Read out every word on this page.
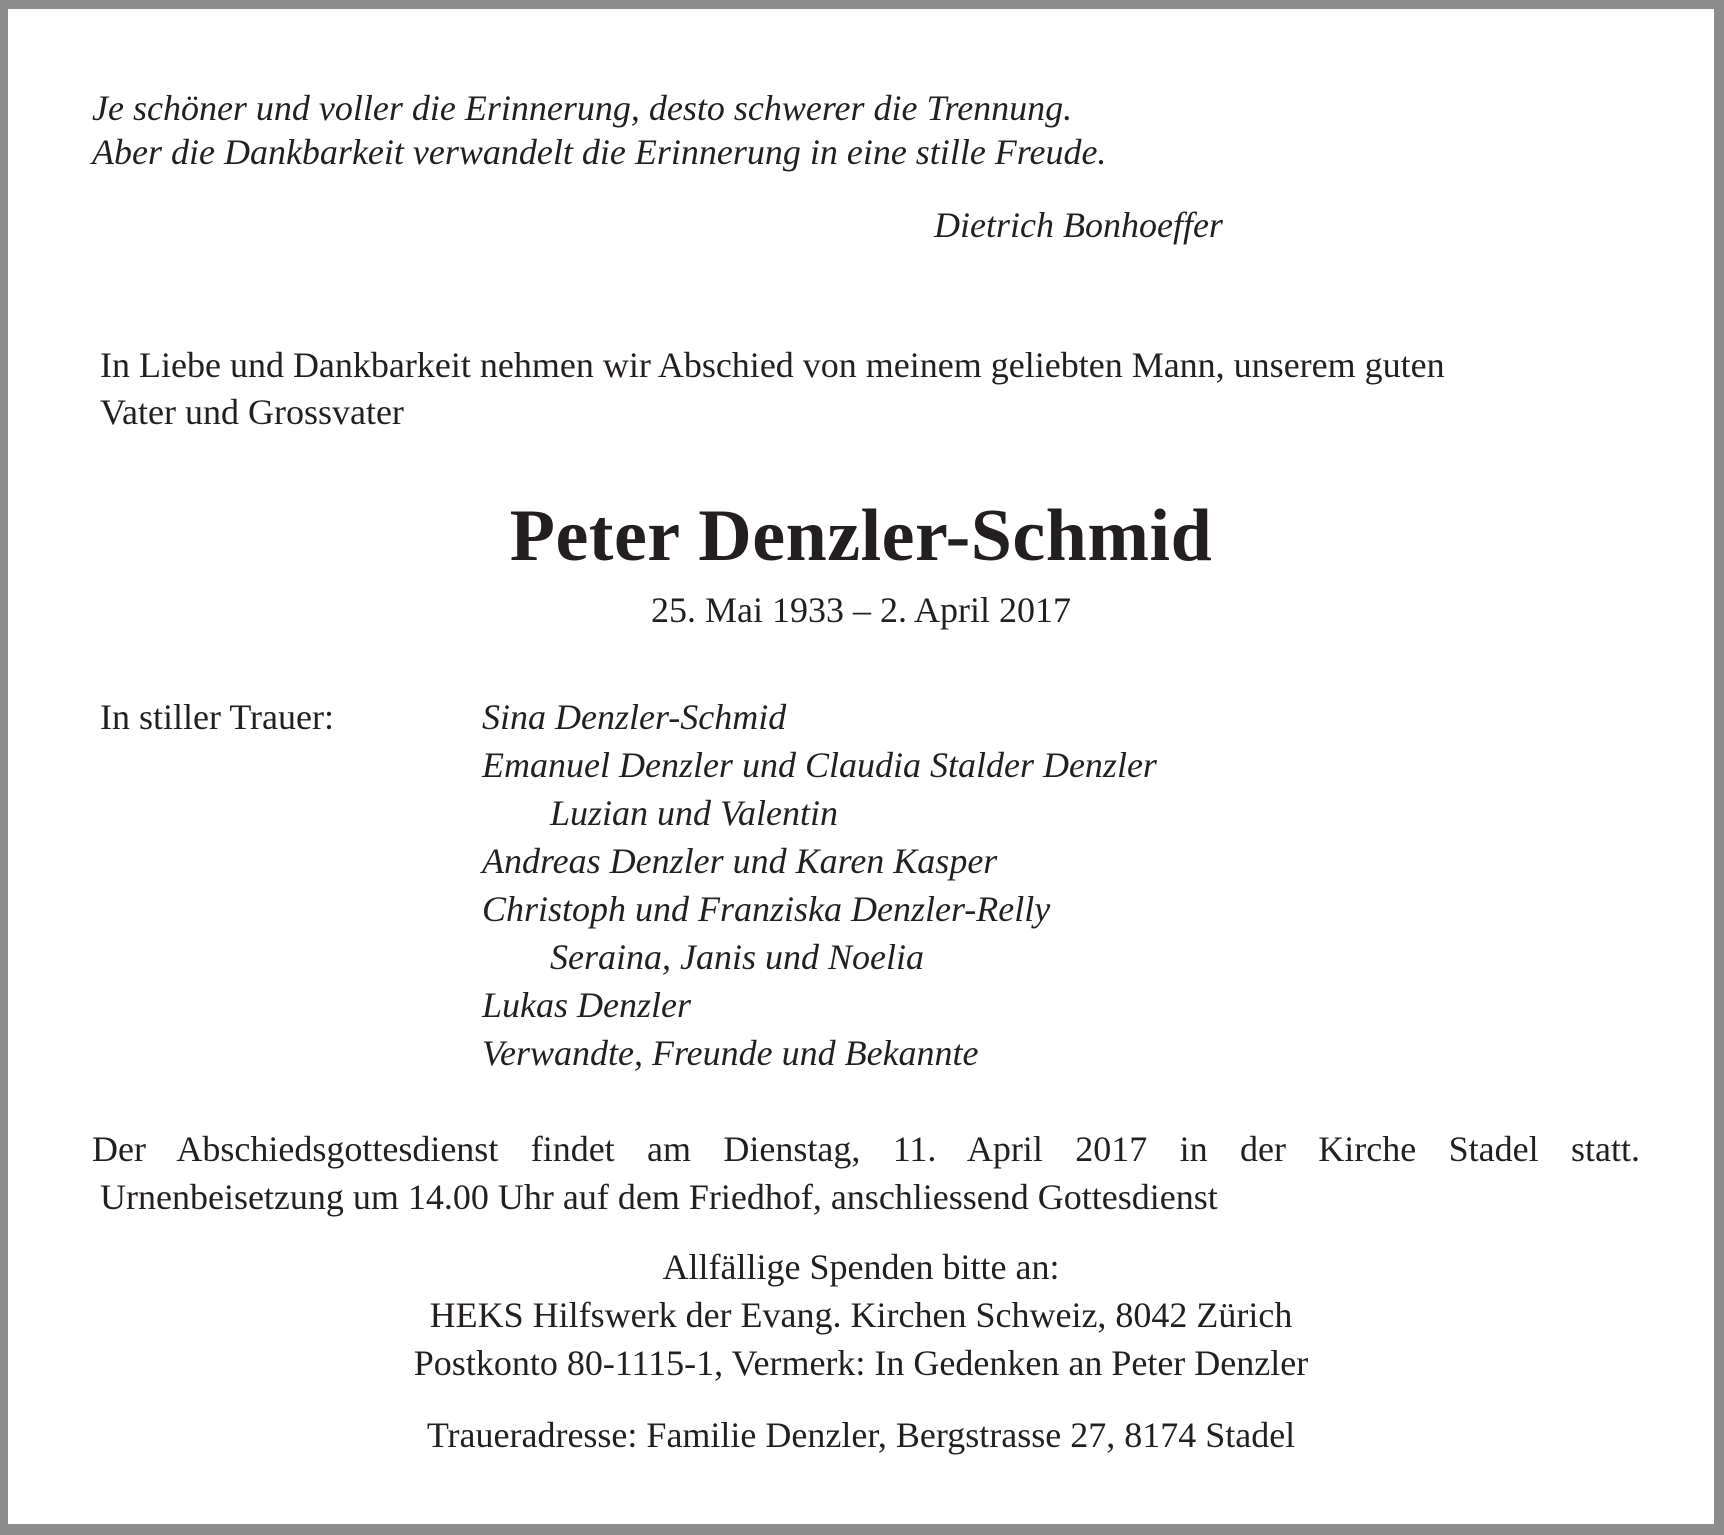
Je schöner und voller die Erinnerung, desto schwerer die Trennung.
Aber die Dankbarkeit verwandelt die Erinnerung in eine stille Freude.
Dietrich Bonhoeffer
In Liebe und Dankbarkeit nehmen wir Abschied von meinem geliebten Mann, unserem guten
Vater und Grossvater
Peter Denzler-Schmid
25. Mai 1933 – 2. April 2017
In stiller Trauer:	Sina Denzler-Schmid
Emanuel Denzler und Claudia Stalder Denzler
Luzian und Valentin
Andreas Denzler und Karen Kasper
Christoph und Franziska Denzler-Relly
Seraina, Janis und Noelia
Lukas Denzler
Verwandte, Freunde und Bekannte
Der Abschiedsgottesdienst findet am Dienstag, 11. April 2017 in der Kirche Stadel statt.
Urnenbeisetzung um 14.00 Uhr auf dem Friedhof, anschliessend Gottesdienst
Allfällige Spenden bitte an:
HEKS Hilfswerk der Evang. Kirchen Schweiz, 8042 Zürich
Postkonto 80-1115-1, Vermerk: In Gedenken an Peter Denzler
Traueradresse: Familie Denzler, Bergstrasse 27, 8174 Stadel
